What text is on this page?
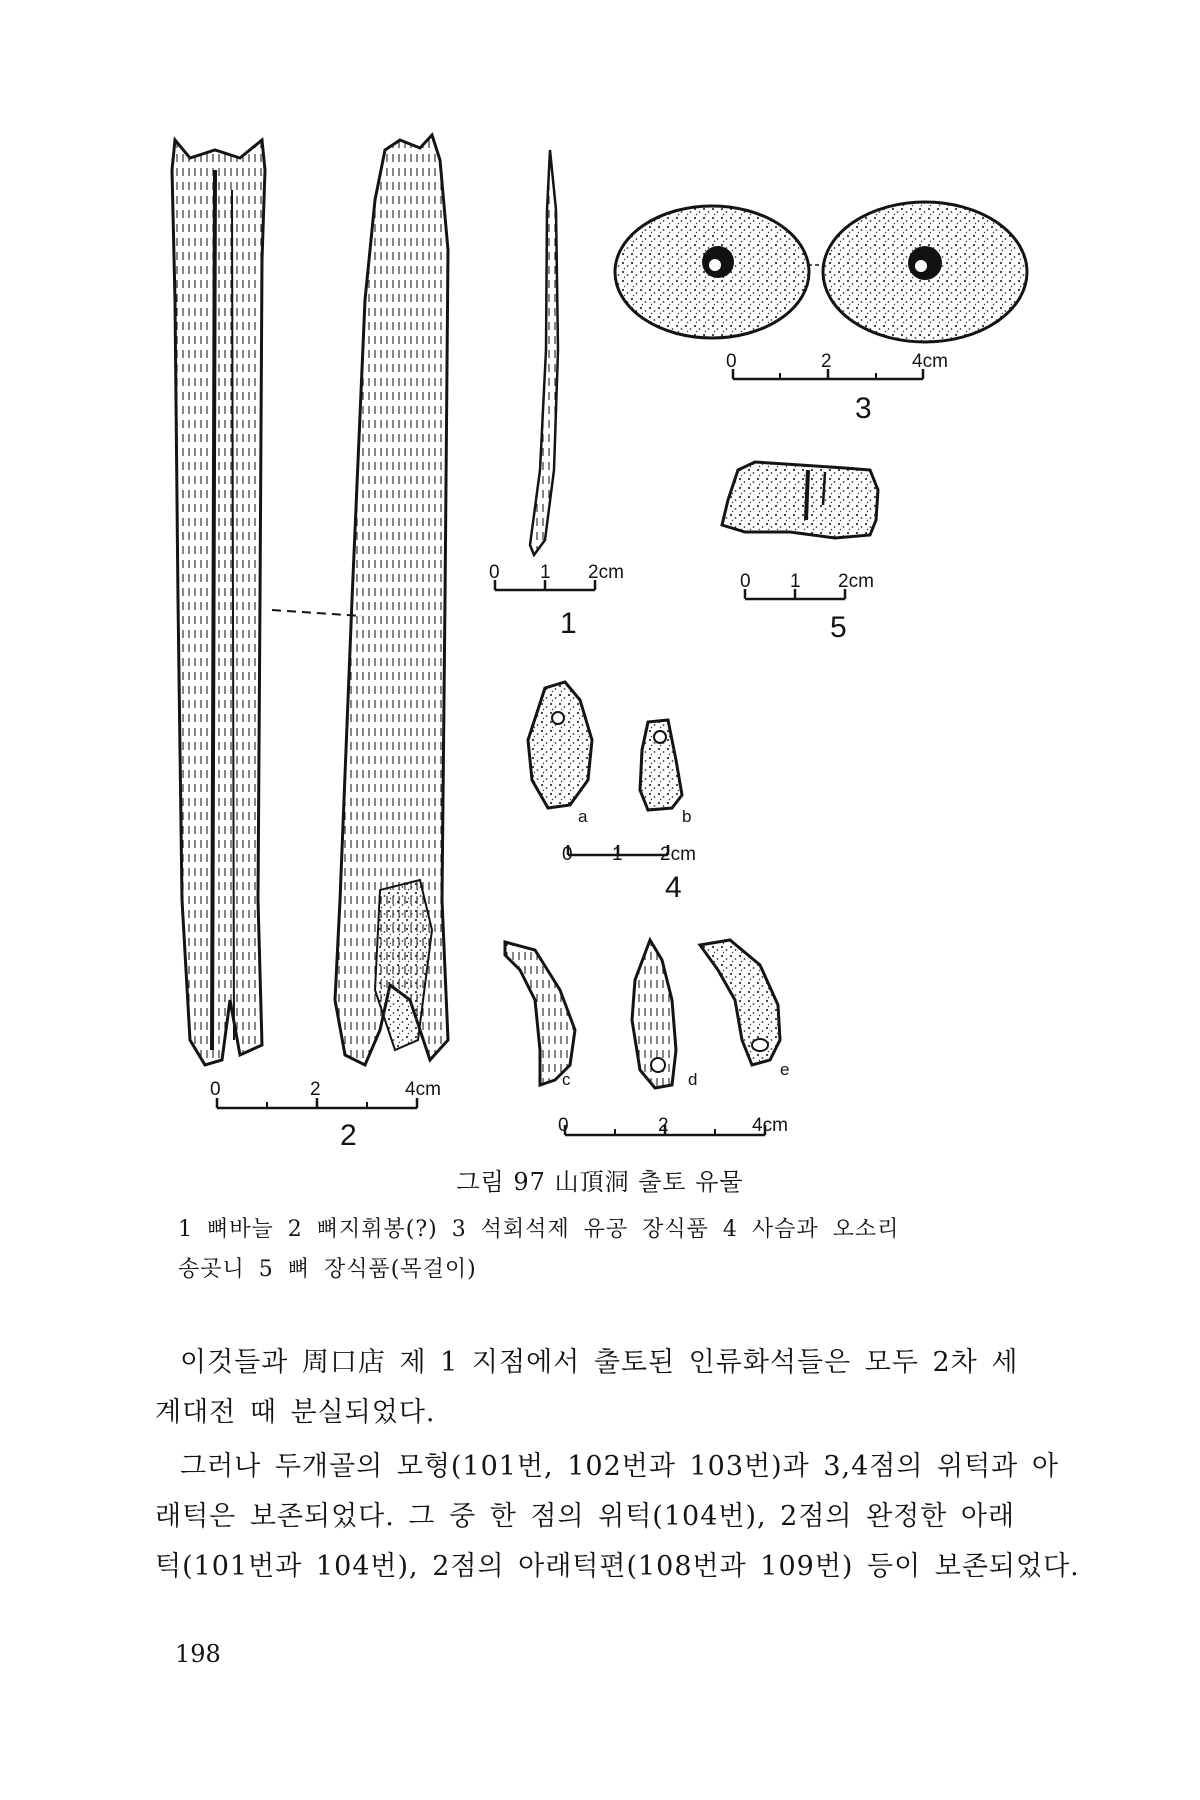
0	2	4cm
2
0 1 2cm
1
0	2	4cm
3
0 1 2cm
5
a	b
0 1 2cm
4
c	d
e
0	2	4cm
그림 97 山頂洞 출토 유물
1 뼈바늘 2 뼈지휘봉(?) 3 석회석제 유공 장식품 4 사슴과 오소리
송곳니 5 뼈 장식품(목걸이)
이것들과 周口店 제 1 지점에서 출토된 인류화석들은 모두 2차 세
계대전 때 분실되었다.
그러나 두개골의 모형(101번, 102번과 103번)과 3,4점의 위턱과 아
래턱은 보존되었다. 그 중 한 점의 위턱(104번), 2점의 완정한 아래
턱(101번과 104번), 2점의 아래턱편(108번과 109번) 등이 보존되었다.
198
